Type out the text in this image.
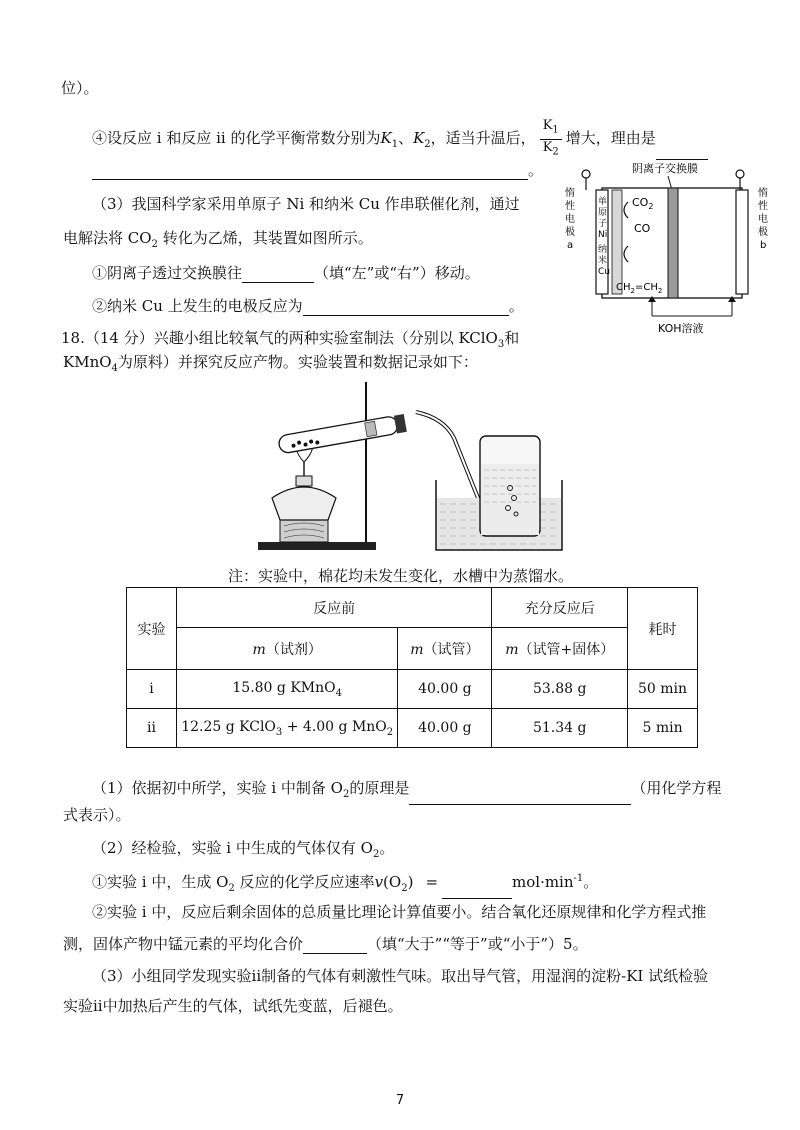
位）。
④设反应 i 和反应 ii 的化学平衡常数分别为$K_1$、$K_2$，适当升温后， $\frac{K_1}{K_2}$ 增大，理由是
。
（3）我国科学家采用单原子 Ni 和纳米 Cu 作串联催化剂，通过
电解法将 $CO_2$ 转化为乙烯，其装置如图所示。
①阴离子透过交换膜往	（填“左”或“右”）移动。
②纳米 Cu 上发生的电极反应为	。
阴离子交换膜
惰性电极 a
惰性电极 b
单原子 Ni
纳米 Cu
$CO_2$
CO
$CH_2=CH_2$
KOH溶液
18.（14 分）兴趣小组比较氧气的两种实验室制法（分别以 KClO$_3$和
KMnO$_4$为原料）并探究反应产物。实验装置和数据记录如下：
注：实验中，棉花均未发生变化，水槽中为蒸馏水。
实验	反应前		充分反应后	耗时
	m（试剂）	m（试管）	m（试管+固体）	
i	15.80 g KMnO$_4$	40.00 g	53.88 g	50 min
ii	12.25 g KClO$_3$ + 4.00 g MnO$_2$	40.00 g	51.34 g	5 min
（1）依据初中所学，实验 i 中制备 $O_2$的原理是	（用化学方程
式表示）。
（2）经检验，实验 i 中生成的气体仅有 $O_2$。
①实验 i 中，生成 $O_2$ 反应的化学反应速率$v(O_2)$ =	$mol\cdot\min^{-1}$。
②实验 i 中，反应后剩余固体的总质量比理论计算值要小。结合氧化还原规律和化学方程式推
测，固体产物中锰元素的平均化合价	（填“大于”“等于”或“小于”）5。
（3）小组同学发现实验ii制备的气体有刺激性气味。取出导气管，用湿润的淀粉-KI 试纸检验
实验ii中加热后产生的气体，试纸先变蓝，后褪色。
7
